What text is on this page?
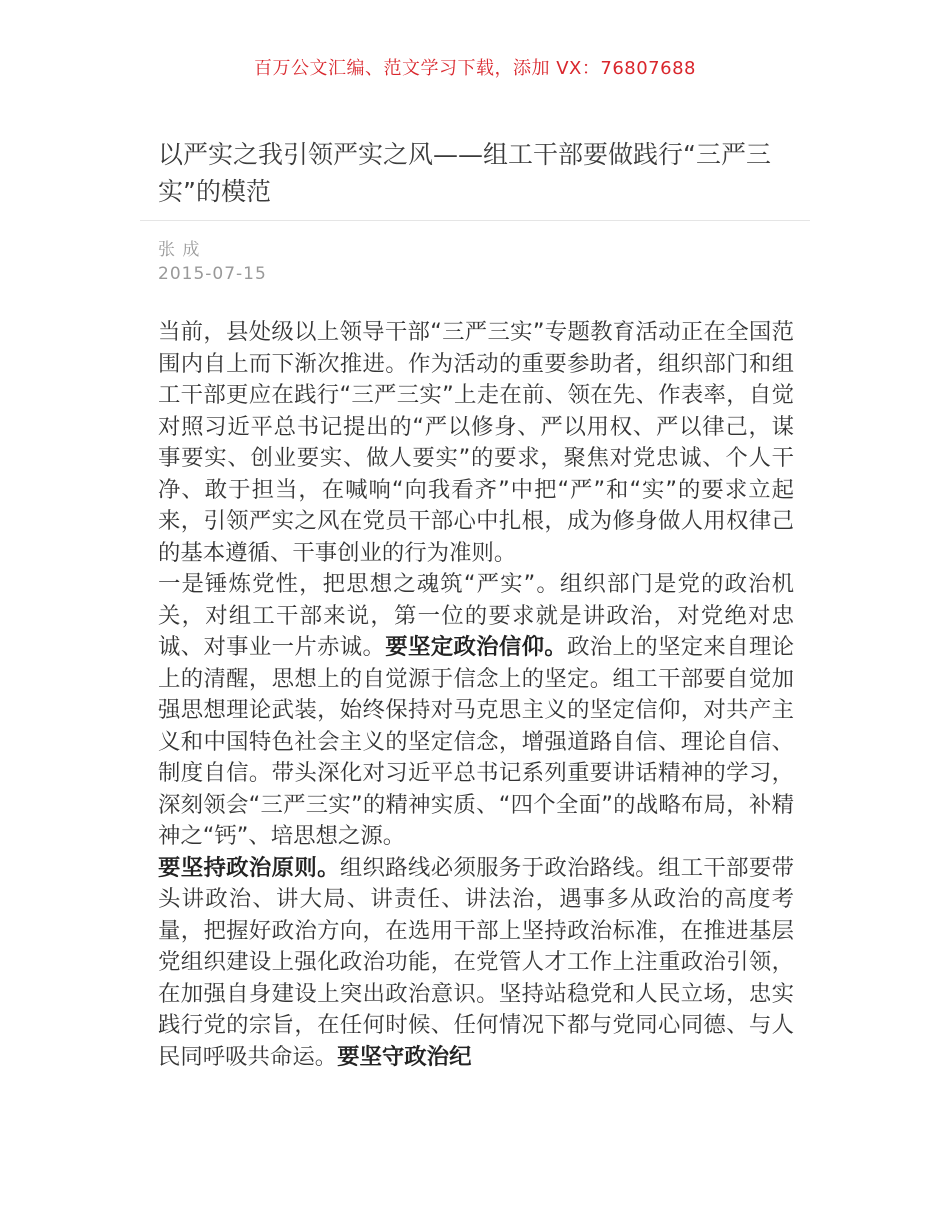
百万公文汇编、范文学习下载，添加 VX：76807688
以严实之我引领严实之风——组工干部要做践行“三严三实”的模范
张 成
2015-07-15

当前，县处级以上领导干部“三严三实”专题教育活动正在全国范围内自上而下渐次推进。作为活动的重要参助者，组织部门和组工干部更应在践行“三严三实”上走在前、领在先、作表率，自觉对照习近平总书记提出的“严以修身、严以用权、严以律己，谋事要实、创业要实、做人要实”的要求，聚焦对党忠诚、个人干净、敢于担当，在喊响“向我看齐”中把“严”和“实”的要求立起来，引领严实之风在党员干部心中扎根，成为修身做人用权律己的基本遵循、干事创业的行为准则。

一是锤炼党性，把思想之魂筑“严实”。组织部门是党的政治机关，对组工干部来说，第一位的要求就是讲政治，对党绝对忠诚、对事业一片赤诚。要坚定政治信仰。政治上的坚定来自理论上的清醒，思想上的自觉源于信念上的坚定。组工干部要自觉加强思想理论武装，始终保持对马克思主义的坚定信仰，对共产主义和中国特色社会主义的坚定信念，增强道路自信、理论自信、制度自信。带头深化对习近平总书记系列重要讲话精神的学习，深刻领会“三严三实”的精神实质、“四个全面”的战略布局，补精神之“钙”、培思想之源。
要坚持政治原则。组织路线必须服务于政治路线。组工干部要带头讲政治、讲大局、讲责任、讲法治，遇事多从政治的高度考量，把握好政治方向，在选用干部上坚持政治标准，在推进基层党组织建设上强化政治功能，在党管人才工作上注重政治引领，在加强自身建设上突出政治意识。坚持站稳党和人民立场，忠实践行党的宗旨，在任何时候、任何情况下都与党同心同德、与人民同呼吸共命运。要坚守政治纪
